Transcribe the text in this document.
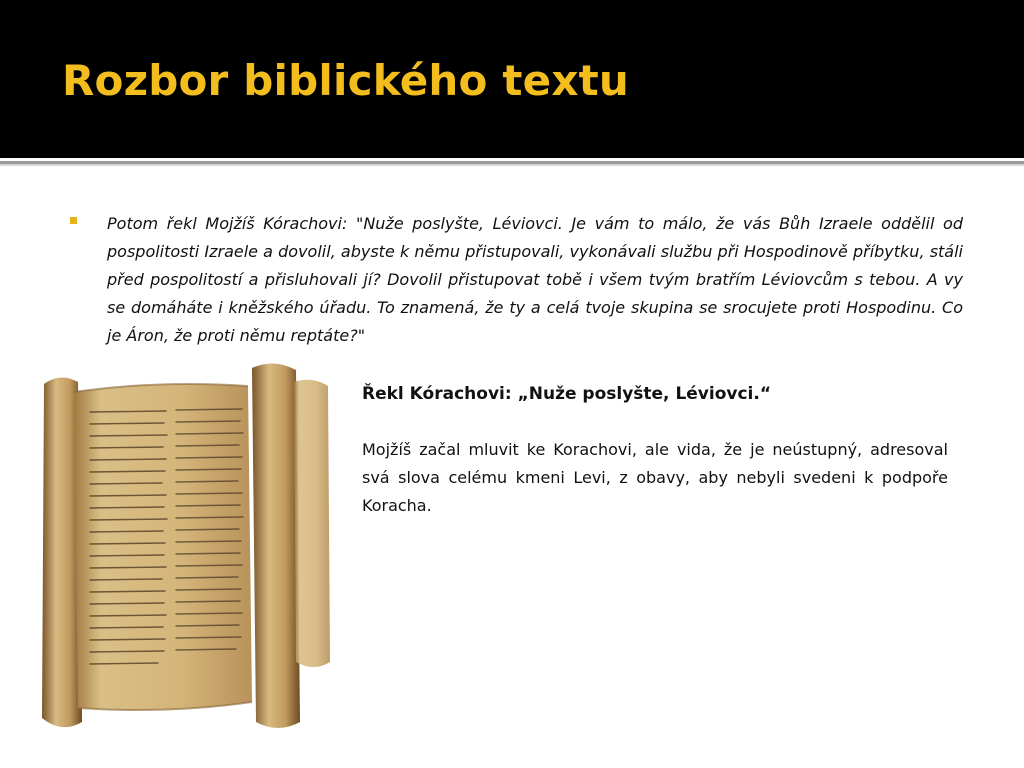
Rozbor biblického textu

Potom řekl Mojžíš Kórachovi: "Nuže poslyšte, Léviovci. Je vám to málo, že vás Bůh Izraele oddělil od pospolitosti Izraele a dovolil, abyste k němu přistupovali, vykonávali službu při Hospodinově příbytku, stáli před pospolitostí a přisluhovali jí? Dovolil přistupovat tobě i všem tvým bratřím Léviovcům s tebou. A vy se domáháte i kněžského úřadu. To znamená, že ty a celá tvoje skupina se srocujete proti Hospodinu. Co je Áron, že proti němu reptáte?"

Řekl Kórachovi: „Nuže poslyšte, Léviovci.“

Mojžíš začal mluvit ke Korachovi, ale vida, že je neústupný, adresoval svá slova celému kmeni Levi, z obavy, aby nebyli svedeni k podpoře Koracha.
